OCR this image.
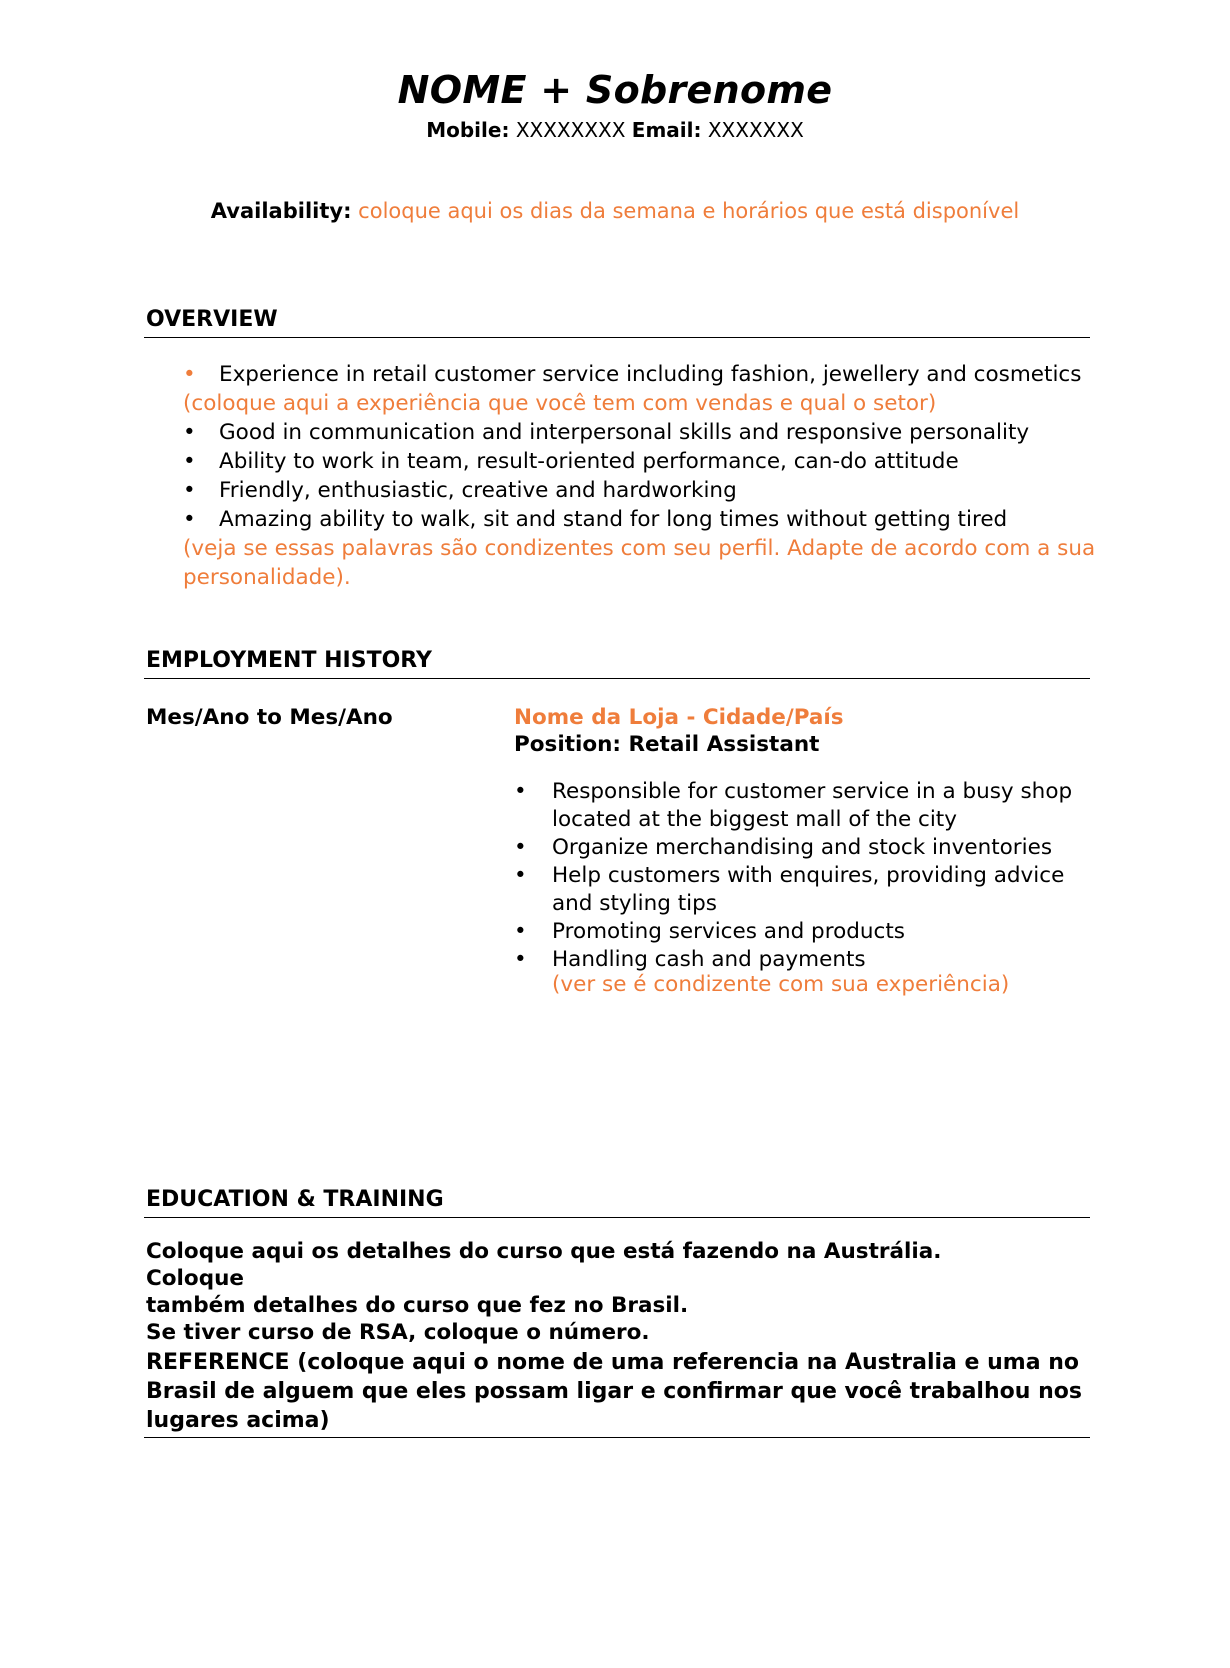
NOME + Sobrenome
Mobile: XXXXXXXX Email: XXXXXXX
Availability: coloque aqui os dias da semana e horários que está disponível
OVERVIEW
• Experience in retail customer service including fashion, jewellery and cosmetics
(coloque aqui a experiência que você tem com vendas e qual o setor)
• Good in communication and interpersonal skills and responsive personality
• Ability to work in team, result-oriented performance, can-do attitude
• Friendly, enthusiastic, creative and hardworking
• Amazing ability to walk, sit and stand for long times without getting tired
(veja se essas palavras são condizentes com seu perfil. Adapte de acordo com a sua
personalidade).
EMPLOYMENT HISTORY
Mes/Ano to Mes/Ano	Nome da Loja - Cidade/País
Position: Retail Assistant
• Responsible for customer service in a busy shop located at the biggest mall of the city
• Organize merchandising and stock inventories
• Help customers with enquires, providing advice and styling tips
• Promoting services and products
• Handling cash and payments
(ver se é condizente com sua experiência)
EDUCATION & TRAINING
Coloque aqui os detalhes do curso que está fazendo na Austrália. Coloque
também detalhes do curso que fez no Brasil.
Se tiver curso de RSA, coloque o número.
REFERENCE (coloque aqui o nome de uma referencia na Australia e uma no
Brasil de alguem que eles possam ligar e confirmar que você trabalhou nos
lugares acima)
